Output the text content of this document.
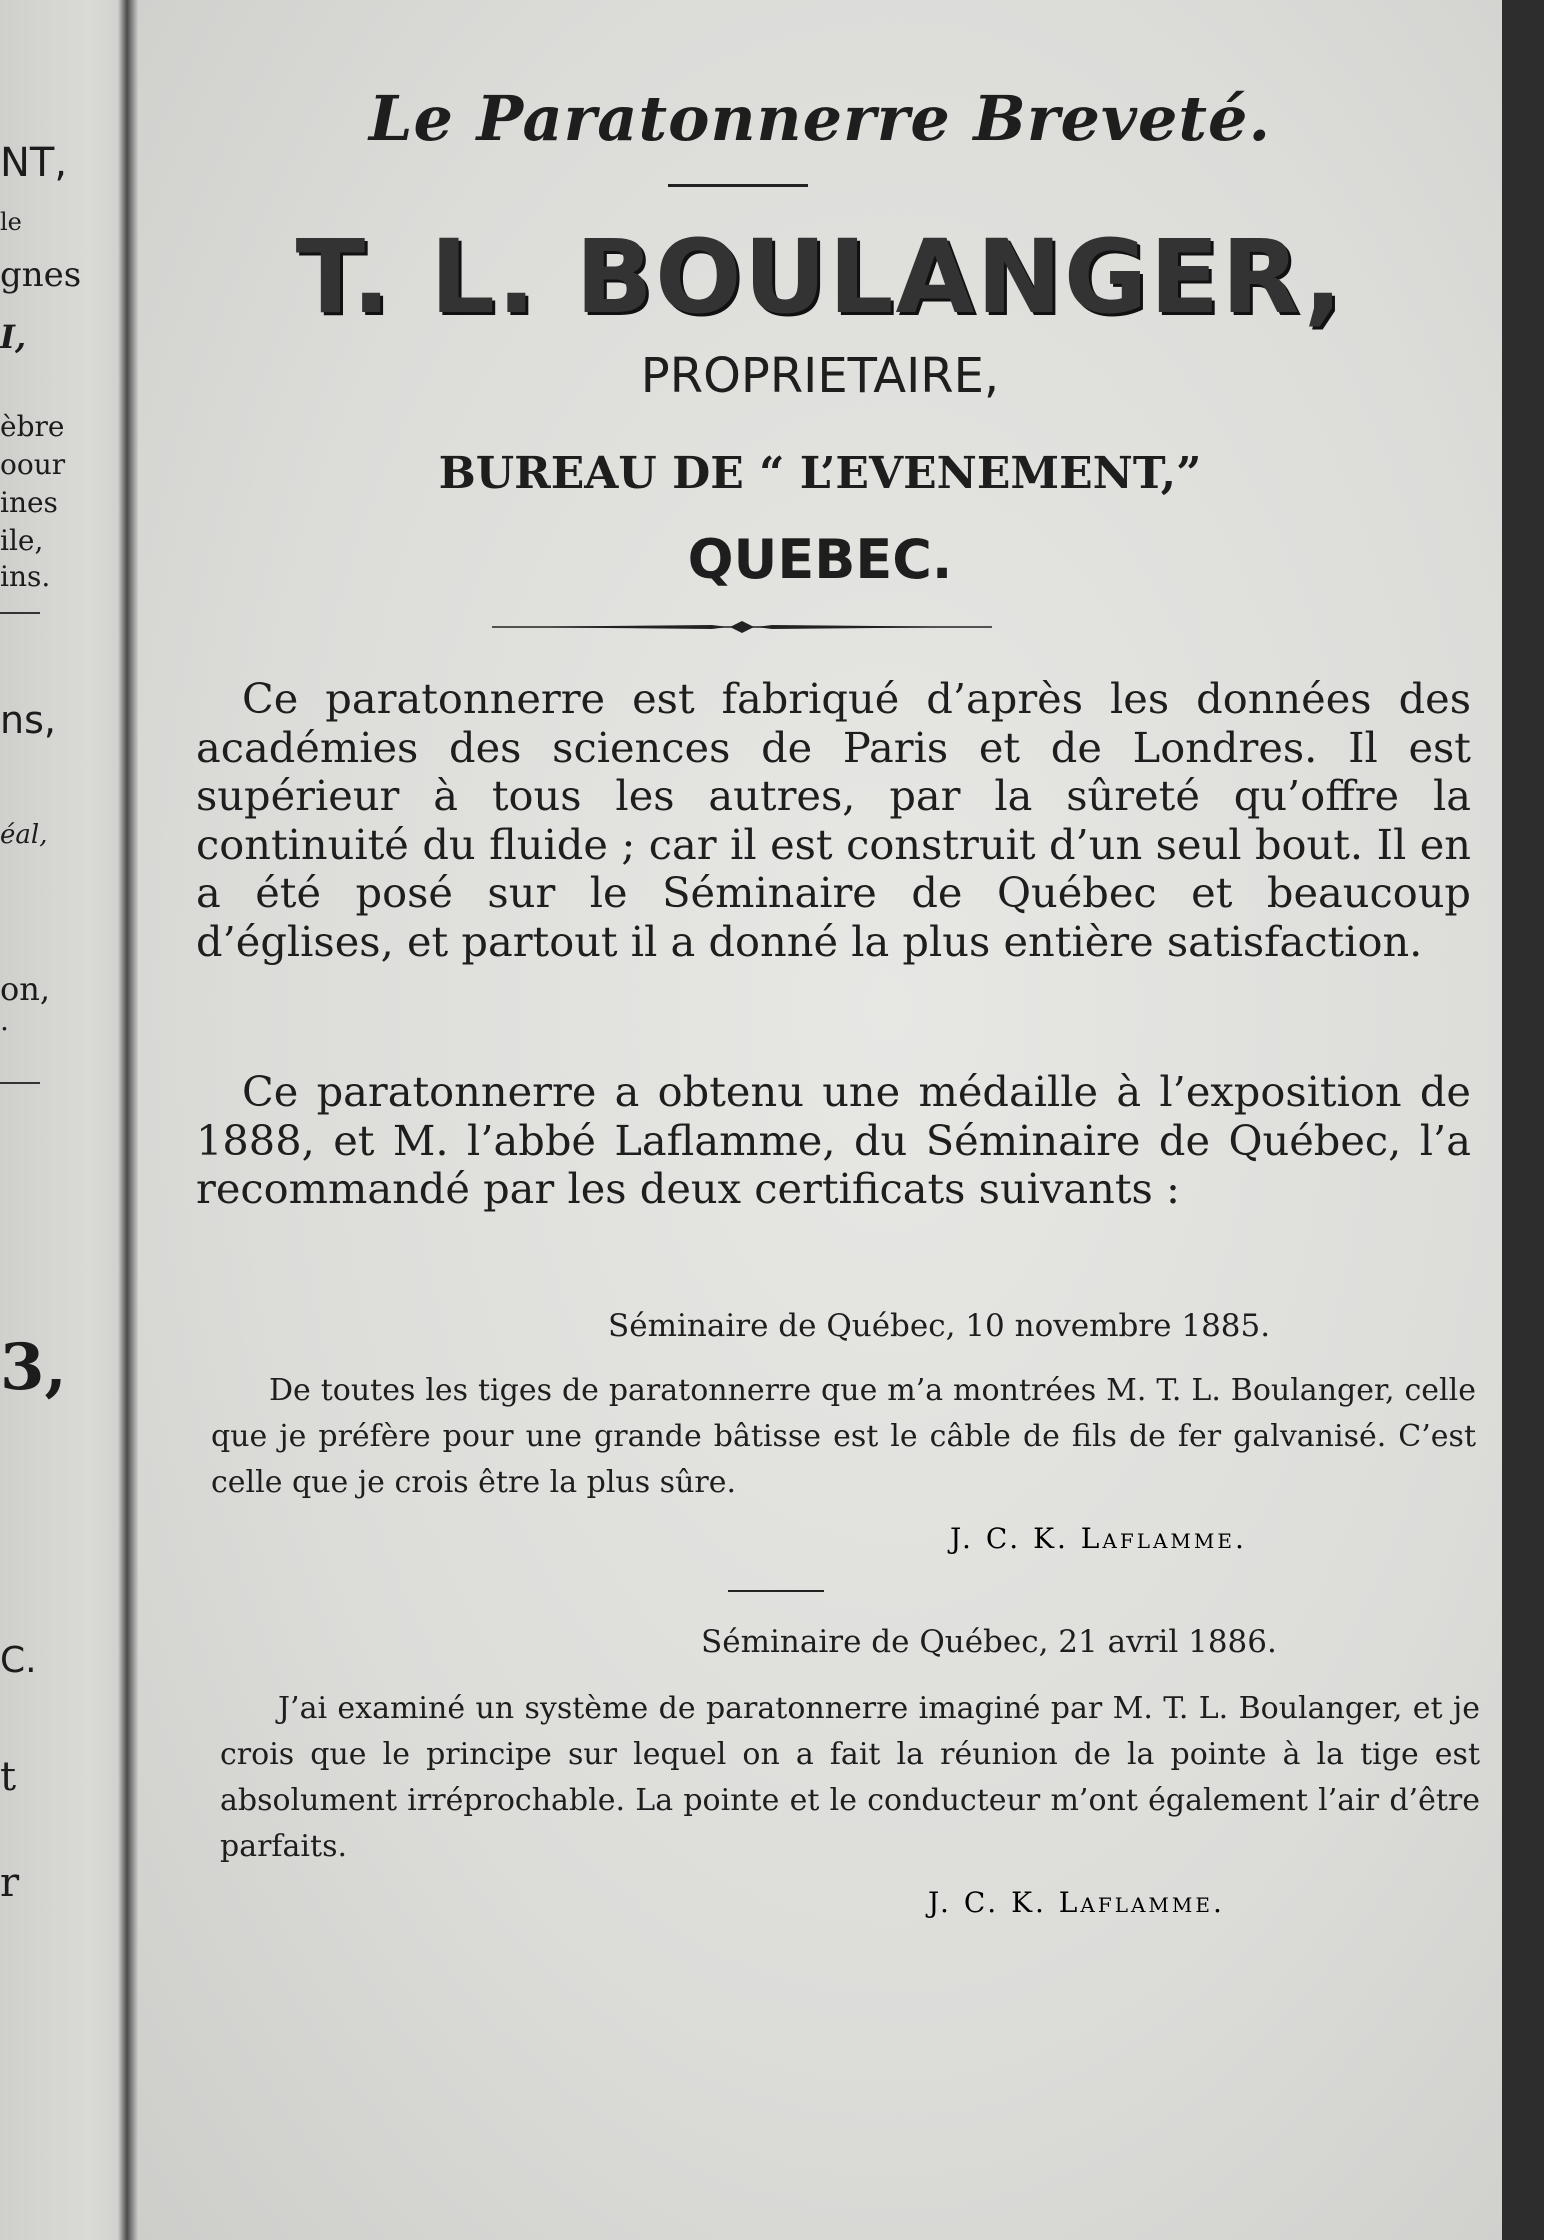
NT,
le
gnes
I,
èbre
oour
ines
ile,
ins.
ns,
éal,
on,
.
3,
C.
t
r
Le Paratonnerre Breveté.
T. L. BOULANGER,
PROPRIETAIRE,
BUREAU DE “ L’EVENEMENT,”
QUEBEC.

Ce paratonnerre est fabriqué d’après les données des académies des sciences de Paris et de Londres. Il est supérieur à tous les autres, par la sûreté qu’offre la continuité du fluide ; car il est construit d’un seul bout. Il en a été posé sur le Séminaire de Québec et beaucoup d’églises, et partout il a donné la plus entière satisfaction.

Ce paratonnerre a obtenu une médaille à l’exposition de 1888, et M. l’abbé Laflamme, du Séminaire de Québec, l’a recommandé par les deux certificats suivants :

Séminaire de Québec, 10 novembre 1885.

De toutes les tiges de paratonnerre que m’a montrées M. T. L. Boulanger, celle que je préfère pour une grande bâtisse est le câble de fils de fer galvanisé. C’est celle que je crois être la plus sûre.

J. C. K. Laflamme.
Séminaire de Québec, 21 avril 1886.

J’ai examiné un système de paratonnerre imaginé par M. T. L. Boulanger, et je crois que le principe sur lequel on a fait la réunion de la pointe à la tige est absolument irréprochable. La pointe et le conducteur m’ont également l’air d’être parfaits.

J. C. K. Laflamme.
